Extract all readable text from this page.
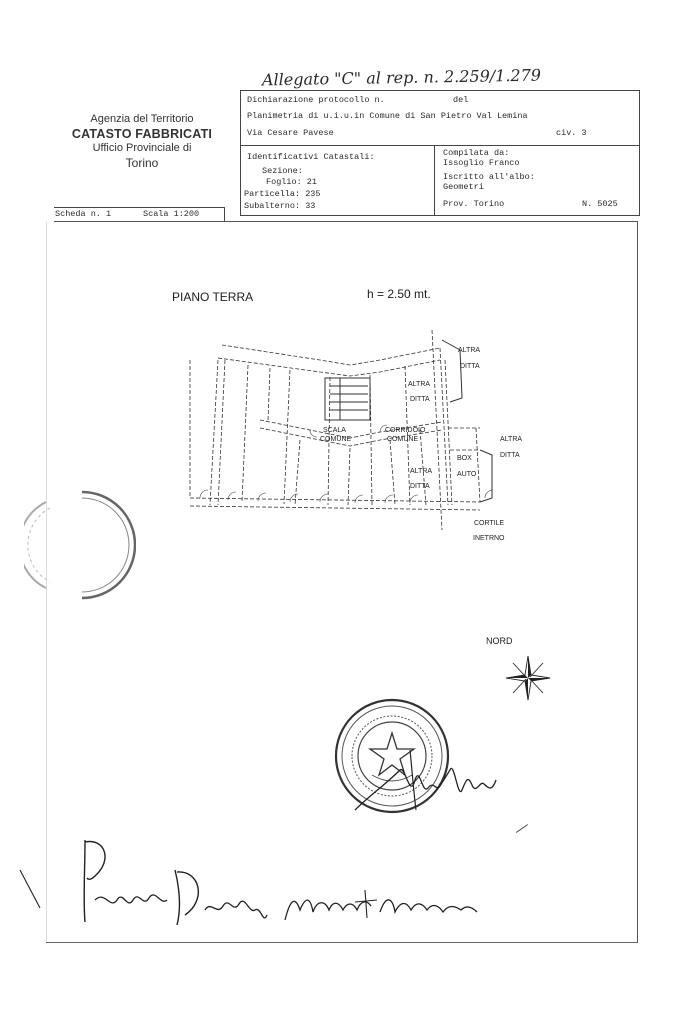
Allegato "C" al rep. n. 2.259/1.279
Agenzia del Territorio
CATASTO FABBRICATI
Ufficio Provinciale di
Torino
Scheda n. 1	Scala 1:200
Dichiarazione protocollo n.	del
Planimetria di u.i.u.in Comune di San Pietro Val Lemina
Via Cesare Pavese	civ. 3
Identificativi Catastali:
Sezione:
Foglio: 21
Particella: 235
Subalterno: 33
Compilata da:
Issoglio Franco
Iscritto all'albo:
Geometri
Prov. Torino	N. 5025
PIANO TERRA	h = 2.50 mt.
ALTRA
DITTA
ALTRA
DITTA
ALTRA
DITTA
ALTRA
DITTA
SCALA
COMUNE
CORRIDOIO
COMUNE
BOX
AUTO
CORTILE
INETRNO
NORD
